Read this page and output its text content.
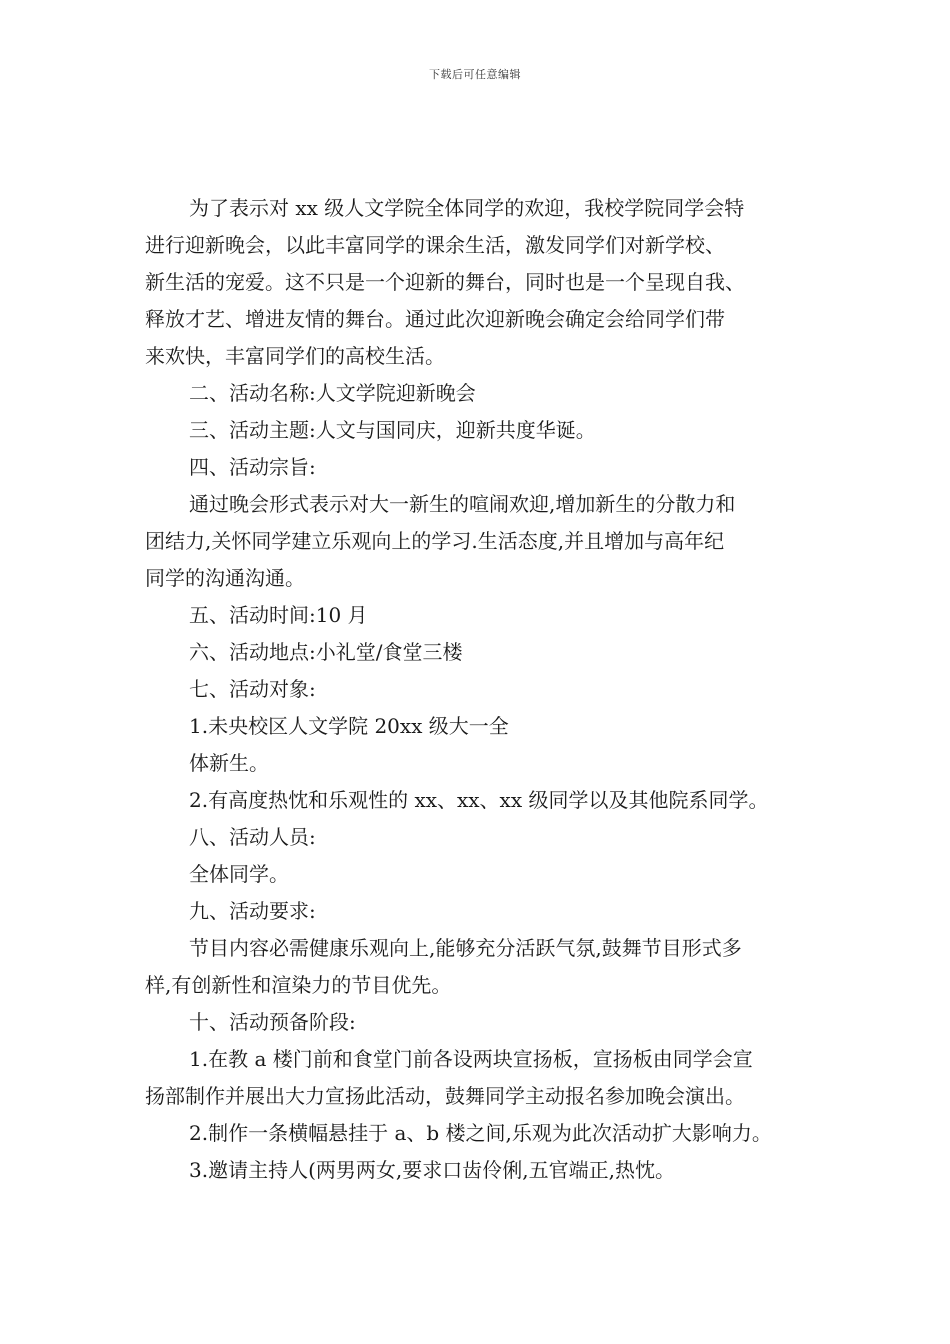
下载后可任意编辑
为了表示对 xx 级人文学院全体同学的欢迎，我校学院同学会特
进行迎新晚会，以此丰富同学的课余生活，激发同学们对新学校、
新生活的宠爱。这不只是一个迎新的舞台，同时也是一个呈现自我、
释放才艺、增进友情的舞台。通过此次迎新晚会确定会给同学们带
来欢快，丰富同学们的高校生活。
二、活动名称:人文学院迎新晚会
三、活动主题:人文与国同庆，迎新共度华诞。
四、活动宗旨:
通过晚会形式表示对大一新生的喧闹欢迎,增加新生的分散力和
团结力,关怀同学建立乐观向上的学习.生活态度,并且增加与高年纪
同学的沟通沟通。
五、活动时间:10 月
六、活动地点:小礼堂/食堂三楼
七、活动对象:
1.未央校区人文学院 20xx 级大一全
体新生。
2.有高度热忱和乐观性的 xx、xx、xx 级同学以及其他院系同学。
八、活动人员:
全体同学。
九、活动要求:
节目内容必需健康乐观向上,能够充分活跃气氛,鼓舞节目形式多
样,有创新性和渲染力的节目优先。
十、活动预备阶段:
1.在教 a 楼门前和食堂门前各设两块宣扬板，宣扬板由同学会宣
扬部制作并展出大力宣扬此活动，鼓舞同学主动报名参加晚会演出。
2.制作一条横幅悬挂于 a、b 楼之间,乐观为此次活动扩大影响力。
3.邀请主持人(两男两女,要求口齿伶俐,五官端正,热忱。
